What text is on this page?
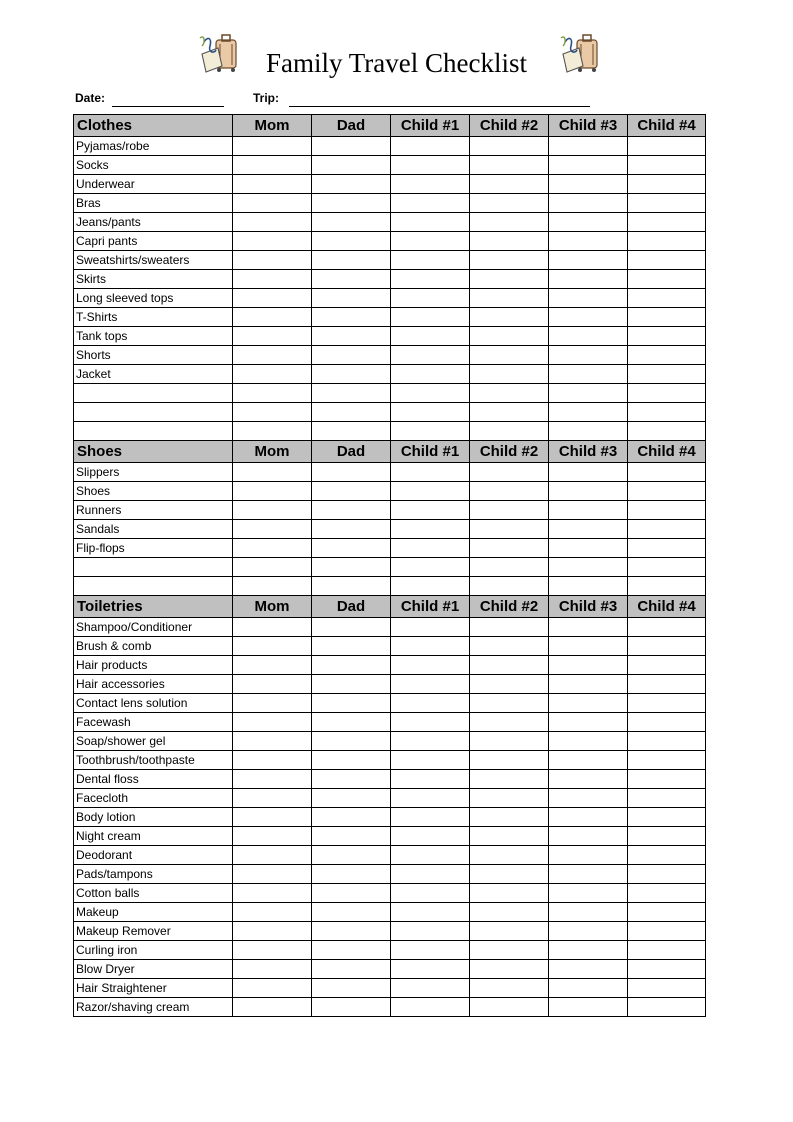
Family Travel Checklist
Date:	Trip:
Clothes	Mom	Dad	Child #1	Child #2	Child #3	Child #4
Pyjamas/robe						
Socks						
Underwear						
Bras						
Jeans/pants						
Capri pants						
Sweatshirts/sweaters						
Skirts						
Long sleeved tops						
T-Shirts						
Tank tops						
Shorts						
Jacket						

Shoes	Mom	Dad	Child #1	Child #2	Child #3	Child #4
Slippers						
Shoes						
Runners						
Sandals						
Flip-flops						

Toiletries	Mom	Dad	Child #1	Child #2	Child #3	Child #4
Shampoo/Conditioner						
Brush & comb						
Hair products						
Hair accessories						
Contact lens solution						
Facewash						
Soap/shower gel						
Toothbrush/toothpaste						
Dental floss						
Facecloth						
Body lotion						
Night cream						
Deodorant						
Pads/tampons						
Cotton balls						
Makeup						
Makeup Remover						
Curling iron						
Blow Dryer						
Hair Straightener						
Razor/shaving cream						
